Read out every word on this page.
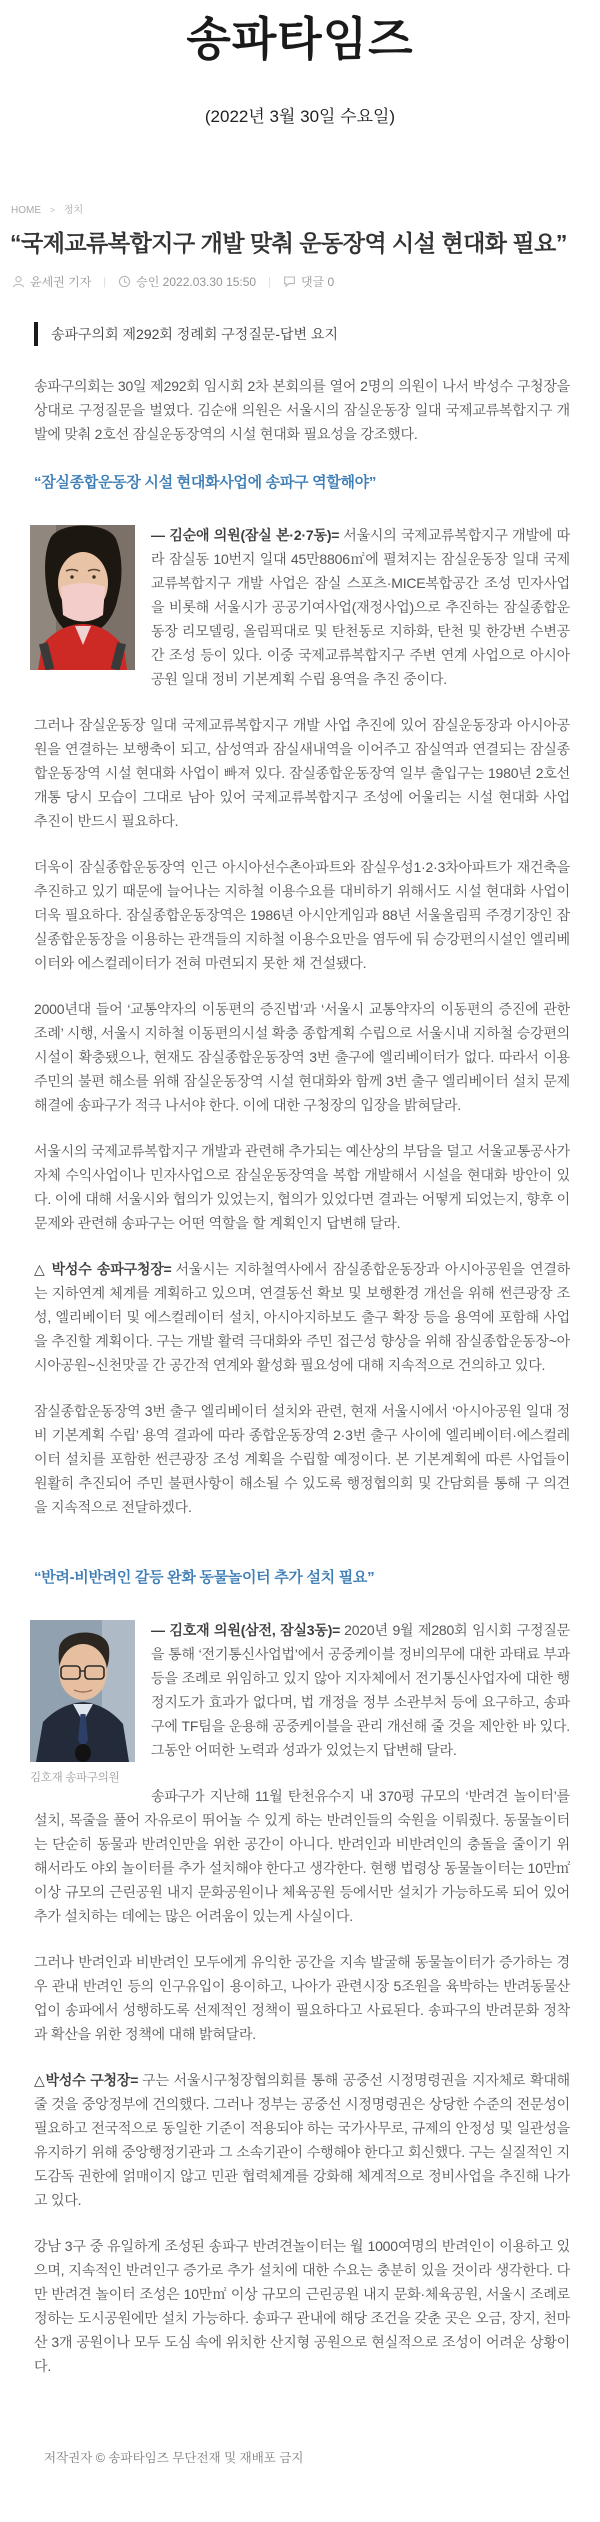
송파타임즈

(2022년 3월 30일 수요일)

HOME > 정치
“국제교류복합지구 개발 맞춰 운동장역 시설 현대화 필요”
윤세권 기자 |	승인 2022.03.30 15:50 |	댓글 0
송파구의회 제292회 정례회 구정질문-답변 요지

송파구의회는 30일 제292회 임시회 2차 본회의를 열어 2명의 의원이 나서 박성수 구청장을 상대로 구정질문을 벌였다. 김순애 의원은 서울시의 잠실운동장 일대 국제교류복합지구 개발에 맞춰 2호선 잠실운동장역의 시설 현대화 필요성을 강조했다.

“잠실종합운동장 시설 현대화사업에 송파구 역할해야”

— 김순애 의원(잠실 본·2·7동)= 서울시의 국제교류복합지구 개발에 따라 잠실동 10번지 일대 45만8806㎡에 펼쳐지는 잠실운동장 일대 국제교류복합지구 개발 사업은 잠실 스포츠·MICE복합공간 조성 민자사업을 비롯해 서울시가 공공기여사업(재정사업)으로 추진하는 잠실종합운동장 리모델링, 올림픽대로 및 탄천동로 지하화, 탄천 및 한강변 수변공간 조성 등이 있다. 이중 국제교류복합지구 주변 연계 사업으로 아시아공원 일대 정비 기본계획 수립 용역을 추진 중이다.

그러나 잠실운동장 일대 국제교류복합지구 개발 사업 추진에 있어 잠실운동장과 아시아공원을 연결하는 보행축이 되고, 삼성역과 잠실새내역을 이어주고 잠실역과 연결되는 잠실종합운동장역 시설 현대화 사업이 빠져 있다. 잠실종합운동장역 일부 출입구는 1980년 2호선 개통 당시 모습이 그대로 남아 있어 국제교류복합지구 조성에 어울리는 시설 현대화 사업 추진이 반드시 필요하다.

더욱이 잠실종합운동장역 인근 아시아선수촌아파트와 잠실우성1·2·3차아파트가 재건축을 추진하고 있기 때문에 늘어나는 지하철 이용수요를 대비하기 위해서도 시설 현대화 사업이 더욱 필요하다. 잠실종합운동장역은 1986년 아시안게임과 88년 서울올림픽 주경기장인 잠실종합운동장을 이용하는 관객들의 지하철 이용수요만을 염두에 둬 승강편의시설인 엘리베이터와 에스컬레이터가 전혀 마련되지 못한 채 건설됐다.

2000년대 들어 ‘교통약자의 이동편의 증진법’과 ‘서울시 교통약자의 이동편의 증진에 관한 조례’ 시행, 서울시 지하철 이동편의시설 확충 종합계획 수립으로 서울시내 지하철 승강편의시설이 확충됐으나, 현재도 잠실종합운동장역 3번 출구에 엘리베이터가 없다. 따라서 이용주민의 불편 해소를 위해 잠실운동장역 시설 현대화와 함께 3번 출구 엘리베이터 설치 문제 해결에 송파구가 적극 나서야 한다. 이에 대한 구청장의 입장을 밝혀달라.

서울시의 국제교류복합지구 개발과 관련해 추가되는 예산상의 부담을 덜고 서울교통공사가 자체 수익사업이나 민자사업으로 잠실운동장역을 복합 개발해서 시설을 현대화 방안이 있다. 이에 대해 서울시와 협의가 있었는지, 협의가 있었다면 결과는 어떻게 되었는지, 향후 이 문제와 관련해 송파구는 어떤 역할을 할 계획인지 답변해 달라.

△ 박성수 송파구청장= 서울시는 지하철역사에서 잠실종합운동장과 아시아공원을 연결하는 지하연계 체계를 계획하고 있으며, 연결동선 확보 및 보행환경 개선을 위해 썬큰광장 조성, 엘리베이터 및 에스컬레이터 설치, 아시아지하보도 출구 확장 등을 용역에 포함해 사업을 추진할 계획이다. 구는 개발 활력 극대화와 주민 접근성 향상을 위해 잠실종합운동장~아시아공원~신천맛골 간 공간적 연계와 활성화 필요성에 대해 지속적으로 건의하고 있다.

잠실종합운동장역 3번 출구 엘리베이터 설치와 관련, 현재 서울시에서 ‘아시아공원 일대 정비 기본계획 수립’ 용역 결과에 따라 종합운동장역 2·3번 출구 사이에 엘리베이터·에스컬레이터 설치를 포함한 썬큰광장 조성 계획을 수립할 예정이다. 본 기본계획에 따른 사업들이 원활히 추진되어 주민 불편사항이 해소될 수 있도록 행정협의회 및 간담회를 통해 구 의견을 지속적으로 전달하겠다.

“반려-비반려인 갈등 완화 동물놀이터 추가 설치 필요”
김호재 송파구의원

— 김호재 의원(삼전, 잠실3동)= 2020년 9월 제280회 임시회 구정질문을 통해 ‘전기통신사업법’에서 공중케이블 정비의무에 대한 과태료 부과 등을 조례로 위임하고 있지 않아 지자체에서 전기통신사업자에 대한 행정지도가 효과가 없다며, 법 개정을 정부 소관부처 등에 요구하고, 송파구에 TF팀을 운용해 공중케이블을 관리 개선해 줄 것을 제안한 바 있다. 그동안 어떠한 노력과 성과가 있었는지 답변해 달라.

송파구가 지난해 11월 탄천유수지 내 370평 규모의 ‘반려견 놀이터’를 설치, 목줄을 풀어 자유로이 뛰어놀 수 있게 하는 반려인들의 숙원을 이뤄줬다. 동물놀이터는 단순히 동물과 반려인만을 위한 공간이 아니다. 반려인과 비반려인의 충돌을 줄이기 위해서라도 야외 놀이터를 추가 설치해야 한다고 생각한다. 현행 법령상 동물놀이터는 10만㎡이상 규모의 근린공원 내지 문화공원이나 체육공원 등에서만 설치가 가능하도록 되어 있어 추가 설치하는 데에는 많은 어려움이 있는게 사실이다.

그러나 반려인과 비반려인 모두에게 유익한 공간을 지속 발굴해 동물놀이터가 증가하는 경우 관내 반려인 등의 인구유입이 용이하고, 나아가 관련시장 5조원을 육박하는 반려동물산업이 송파에서 성행하도록 선제적인 정책이 필요하다고 사료된다. 송파구의 반려문화 정착과 확산을 위한 정책에 대해 밝혀달라.

△박성수 구청장= 구는 서울시구청장협의회를 통해 공중선 시정명령권을 지자체로 확대해 줄 것을 중앙정부에 건의했다. 그러나 정부는 공중선 시정명령권은 상당한 수준의 전문성이 필요하고 전국적으로 동일한 기준이 적용되야 하는 국가사무로, 규제의 안정성 및 일관성을 유지하기 위해 중앙행정기관과 그 소속기관이 수행해야 한다고 회신했다. 구는 실질적인 지도감독 권한에 얽매이지 않고 민관 협력체계를 강화해 체계적으로 정비사업을 추진해 나가고 있다.

강남 3구 중 유일하게 조성된 송파구 반려견놀이터는 월 1000여명의 반려인이 이용하고 있으며, 지속적인 반려인구 증가로 추가 설치에 대한 수요는 충분히 있을 것이라 생각한다. 다만 반려견 놀이터 조성은 10만㎡ 이상 규모의 근린공원 내지 문화·체육공원, 서울시 조례로 정하는 도시공원에만 설치 가능하다. 송파구 관내에 해당 조건을 갖춘 곳은 오금, 장지, 천마산 3개 공원이나 모두 도심 속에 위치한 산지형 공원으로 현실적으로 조성이 어려운 상황이다.

저작권자 © 송파타임즈 무단전재 및 재배포 금지
